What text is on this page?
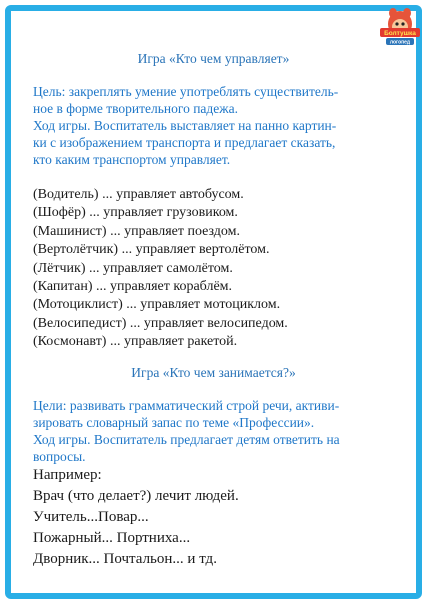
Болтушка
логопед
Игра «Кто чем управляет»

Цель: закреплять умение употреблять существитель-

ное в форме творительного падежа.

Ход игры. Воспитатель выставляет на панно картин-

ки с изображением транспорта и предлагает сказать,

кто каким транспортом управляет.

(Водитель) ... управляет автобусом.
(Шофёр) ... управляет грузовиком.
(Машинист) ... управляет поездом.
(Вертолётчик) ... управляет вертолётом.
(Лётчик) ... управляет самолётом.
(Капитан) ... управляет кораблём.
(Мотоциклист) ... управляет мотоциклом.
(Велосипедист) ... управляет велосипедом.
(Космонавт) ... управляет ракетой.
Игра «Кто чем занимается?»

Цели: развивать грамматический строй речи, активи-

зировать словарный запас по теме «Профессии».

Ход игры. Воспитатель предлагает детям ответить на

вопросы.

Например:
Врач (что делает?) лечит людей.
Учитель...Повар...
Пожарный... Портниха...
Дворник... Почтальон... и тд.
